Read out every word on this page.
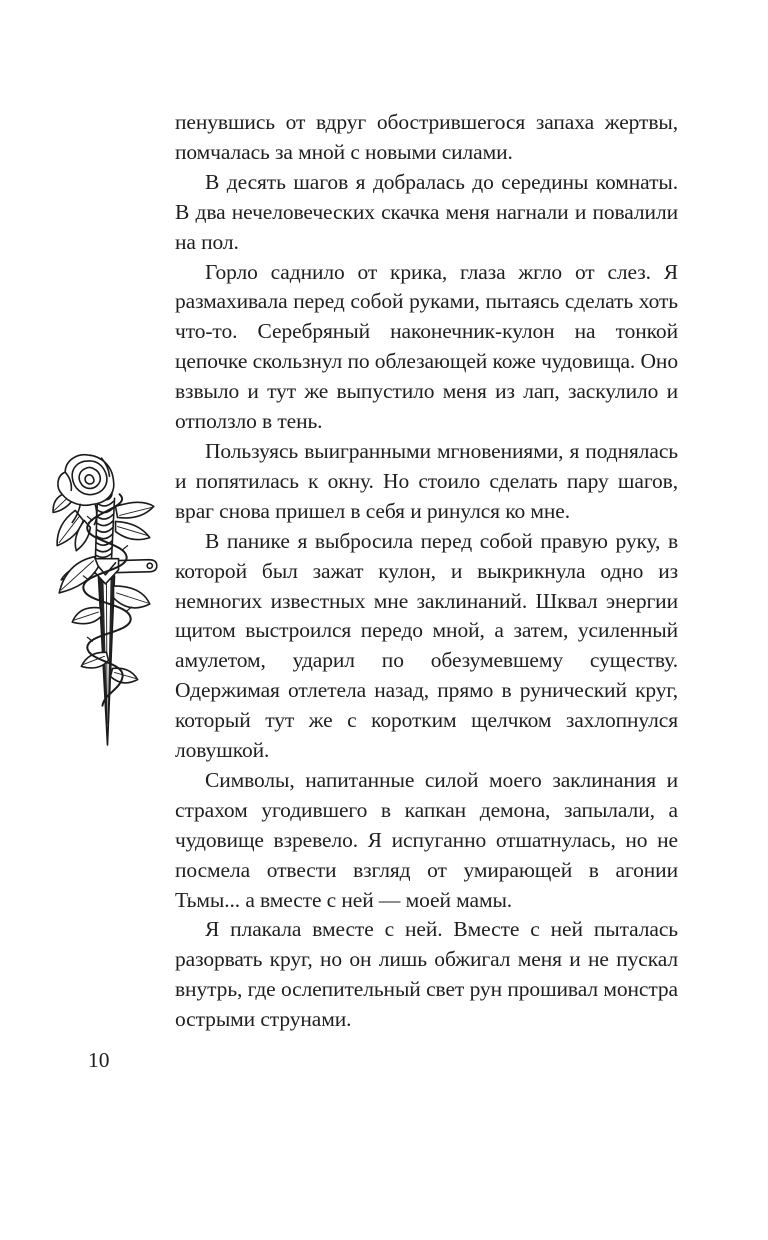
пенувшись от вдруг обострившегося запаха жертвы, помчалась за мной с новыми силами.

В десять шагов я добралась до середины комнаты. В два нечеловеческих скачка меня нагнали и повалили на пол.

Горло саднило от крика, глаза жгло от слез. Я размахивала перед собой руками, пытаясь сделать хоть что-то. Серебряный наконечник-кулон на тонкой цепочке скользнул по облезающей коже чудовища. Оно взвыло и тут же выпустило меня из лап, заскулило и отползло в тень.

Пользуясь выигранными мгновениями, я поднялась и попятилась к окну. Но стоило сделать пару шагов, враг снова пришел в себя и ринулся ко мне.

В панике я выбросила перед собой правую руку, в которой был зажат кулон, и выкрикнула одно из немногих известных мне заклинаний. Шквал энергии щитом выстроился передо мной, а затем, усиленный амулетом, ударил по обезумевшему существу. Одержимая отлетела назад, прямо в рунический круг, который тут же с коротким щелчком захлопнулся ловушкой.

Символы, напитанные силой моего заклинания и страхом угодившего в капкан демона, запылали, а чудовище взревело. Я испуганно отшатнулась, но не посмела отвести взгляд от умирающей в агонии Тьмы... а вместе с ней — моей мамы.

Я плакала вместе с ней. Вместе с ней пыталась разорвать круг, но он лишь обжигал меня и не пускал внутрь, где ослепительный свет рун прошивал монстра острыми струнами.

10
